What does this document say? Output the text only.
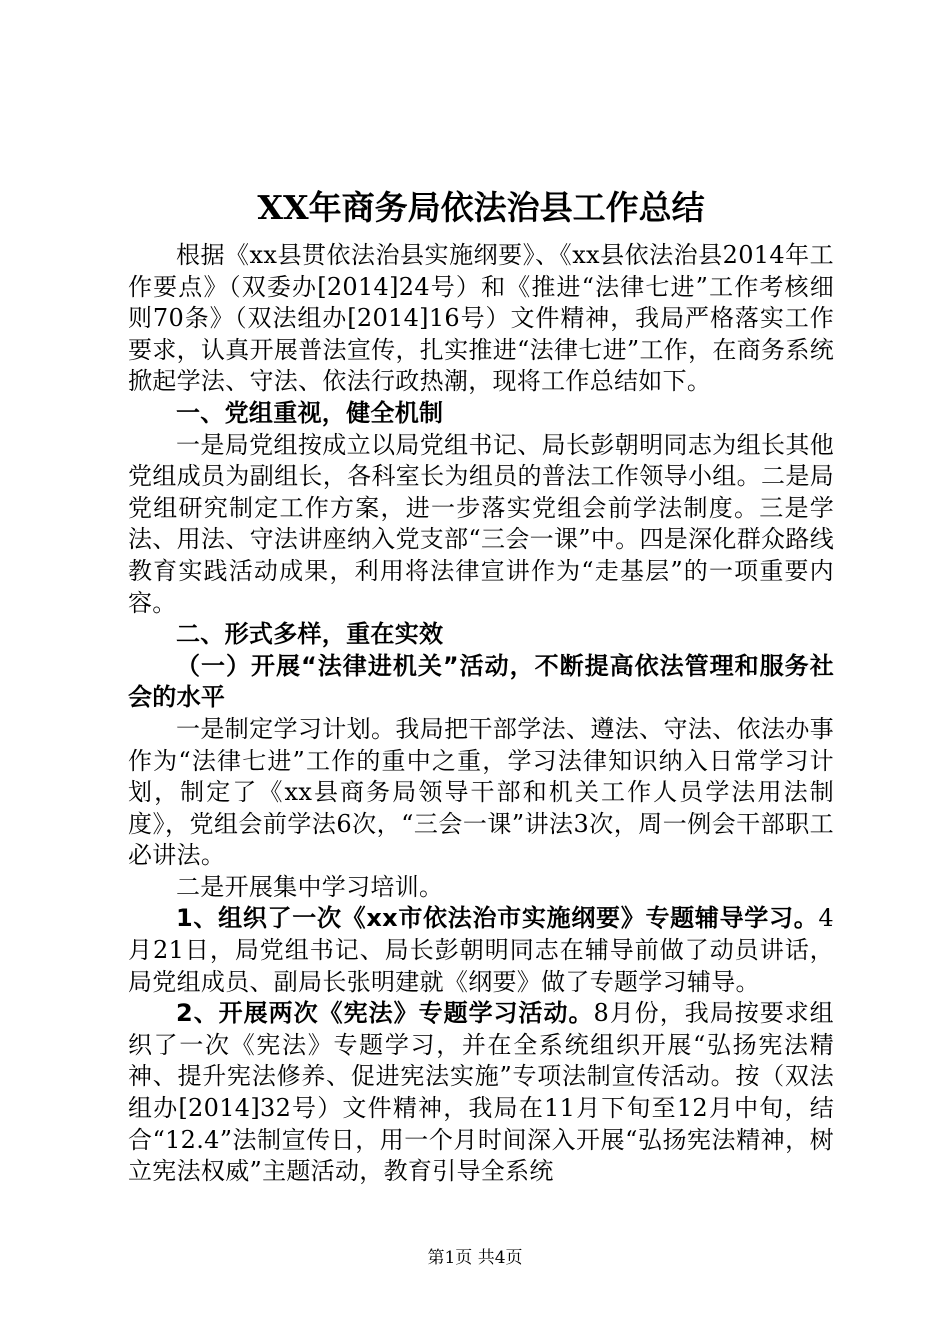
XX年商务局依法治县工作总结

根据《xx县贯依法治县实施纲要》、《xx县依法治县2014年工作要点》（双委办[2014]24号）和《推进“法律七进”工作考核细则70条》（双法组办[2014]16号）文件精神，我局严格落实工作要求，认真开展普法宣传，扎实推进“法律七进”工作，在商务系统掀起学法、守法、依法行政热潮，现将工作总结如下。

一、党组重视，健全机制

一是局党组按成立以局党组书记、局长彭朝明同志为组长其他党组成员为副组长，各科室长为组员的普法工作领导小组。二是局党组研究制定工作方案，进一步落实党组会前学法制度。三是学法、用法、守法讲座纳入党支部“三会一课”中。四是深化群众路线教育实践活动成果，利用将法律宣讲作为“走基层”的一项重要内容。

二、形式多样，重在实效

（一）开展“法律进机关”活动，不断提高依法管理和服务社会的水平

一是制定学习计划。我局把干部学法、遵法、守法、依法办事作为“法律七进”工作的重中之重，学习法律知识纳入日常学习计划，制定了《xx县商务局领导干部和机关工作人员学法用法制度》，党组会前学法6次，“三会一课”讲法3次，周一例会干部职工必讲法。

二是开展集中学习培训。

1、组织了一次《xx市依法治市实施纲要》专题辅导学习。4月21日，局党组书记、局长彭朝明同志在辅导前做了动员讲话，局党组成员、副局长张明建就《纲要》做了专题学习辅导。

2、开展两次《宪法》专题学习活动。8月份，我局按要求组织了一次《宪法》专题学习，并在全系统组织开展“弘扬宪法精神、提升宪法修养、促进宪法实施”专项法制宣传活动。按（双法组办[2014]32号）文件精神，我局在11月下旬至12月中旬，结合“12.4”法制宣传日，用一个月时间深入开展“弘扬宪法精神，树立宪法权威”主题活动，教育引导全系统

第1页 共4页
